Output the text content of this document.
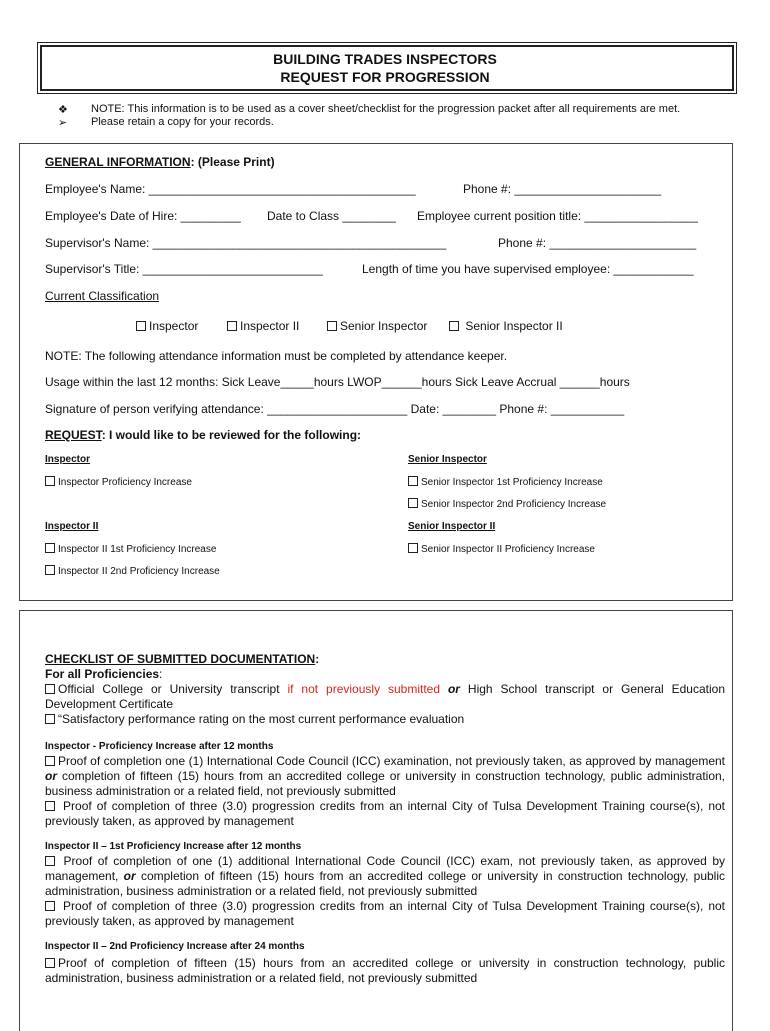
BUILDING TRADES INSPECTORS
REQUEST FOR PROGRESSION
❖ NOTE: This information is to be used as a cover sheet/checklist for the progression packet after all requirements are met.
➢ Please retain a copy for your records.
GENERAL INFORMATION: (Please Print)
Employee's Name: ________________________________________	Phone #: ______________________
Employee's Date of Hire: _________ Date to Class ________ Employee current position title: _________________
Supervisor's Name: ____________________________________________	Phone #: ______________________
Supervisor's Title: ___________________________	Length of time you have supervised employee: ____________
Current Classification
Inspector	Inspector II	Senior Inspector	Senior Inspector II
NOTE: The following attendance information must be completed by attendance keeper.
Usage within the last 12 months: Sick Leave_____hours LWOP______hours Sick Leave Accrual ______hours
Signature of person verifying attendance: _____________________ Date: ________ Phone #: ___________
REQUEST: I would like to be reviewed for the following:
Inspector
Inspector Proficiency Increase
Inspector II
Inspector II 1st Proficiency Increase
Inspector II 2nd Proficiency Increase
Senior Inspector
Senior Inspector 1st Proficiency Increase
Senior Inspector 2nd Proficiency Increase
Senior Inspector II
Senior Inspector II Proficiency Increase
CHECKLIST OF SUBMITTED DOCUMENTATION:
For all Proficiencies:
Official College or University transcript if not previously submitted or High School transcript or General Education Development Certificate
“Satisfactory performance rating on the most current performance evaluation
Inspector - Proficiency Increase after 12 months
Proof of completion one (1) International Code Council (ICC) examination, not previously taken, as approved by management or completion of fifteen (15) hours from an accredited college or university in construction technology, public administration, business administration or a related field, not previously submitted
Proof of completion of three (3.0) progression credits from an internal City of Tulsa Development Training course(s), not previously taken, as approved by management
Inspector II – 1st Proficiency Increase after 12 months
Proof of completion of one (1) additional International Code Council (ICC) exam, not previously taken, as approved by management, or completion of fifteen (15) hours from an accredited college or university in construction technology, public administration, business administration or a related field, not previously submitted
Proof of completion of three (3.0) progression credits from an internal City of Tulsa Development Training course(s), not previously taken, as approved by management
Inspector II – 2nd Proficiency Increase after 24 months
Proof of completion of fifteen (15) hours from an accredited college or university in construction technology, public administration, business administration or a related field, not previously submitted
